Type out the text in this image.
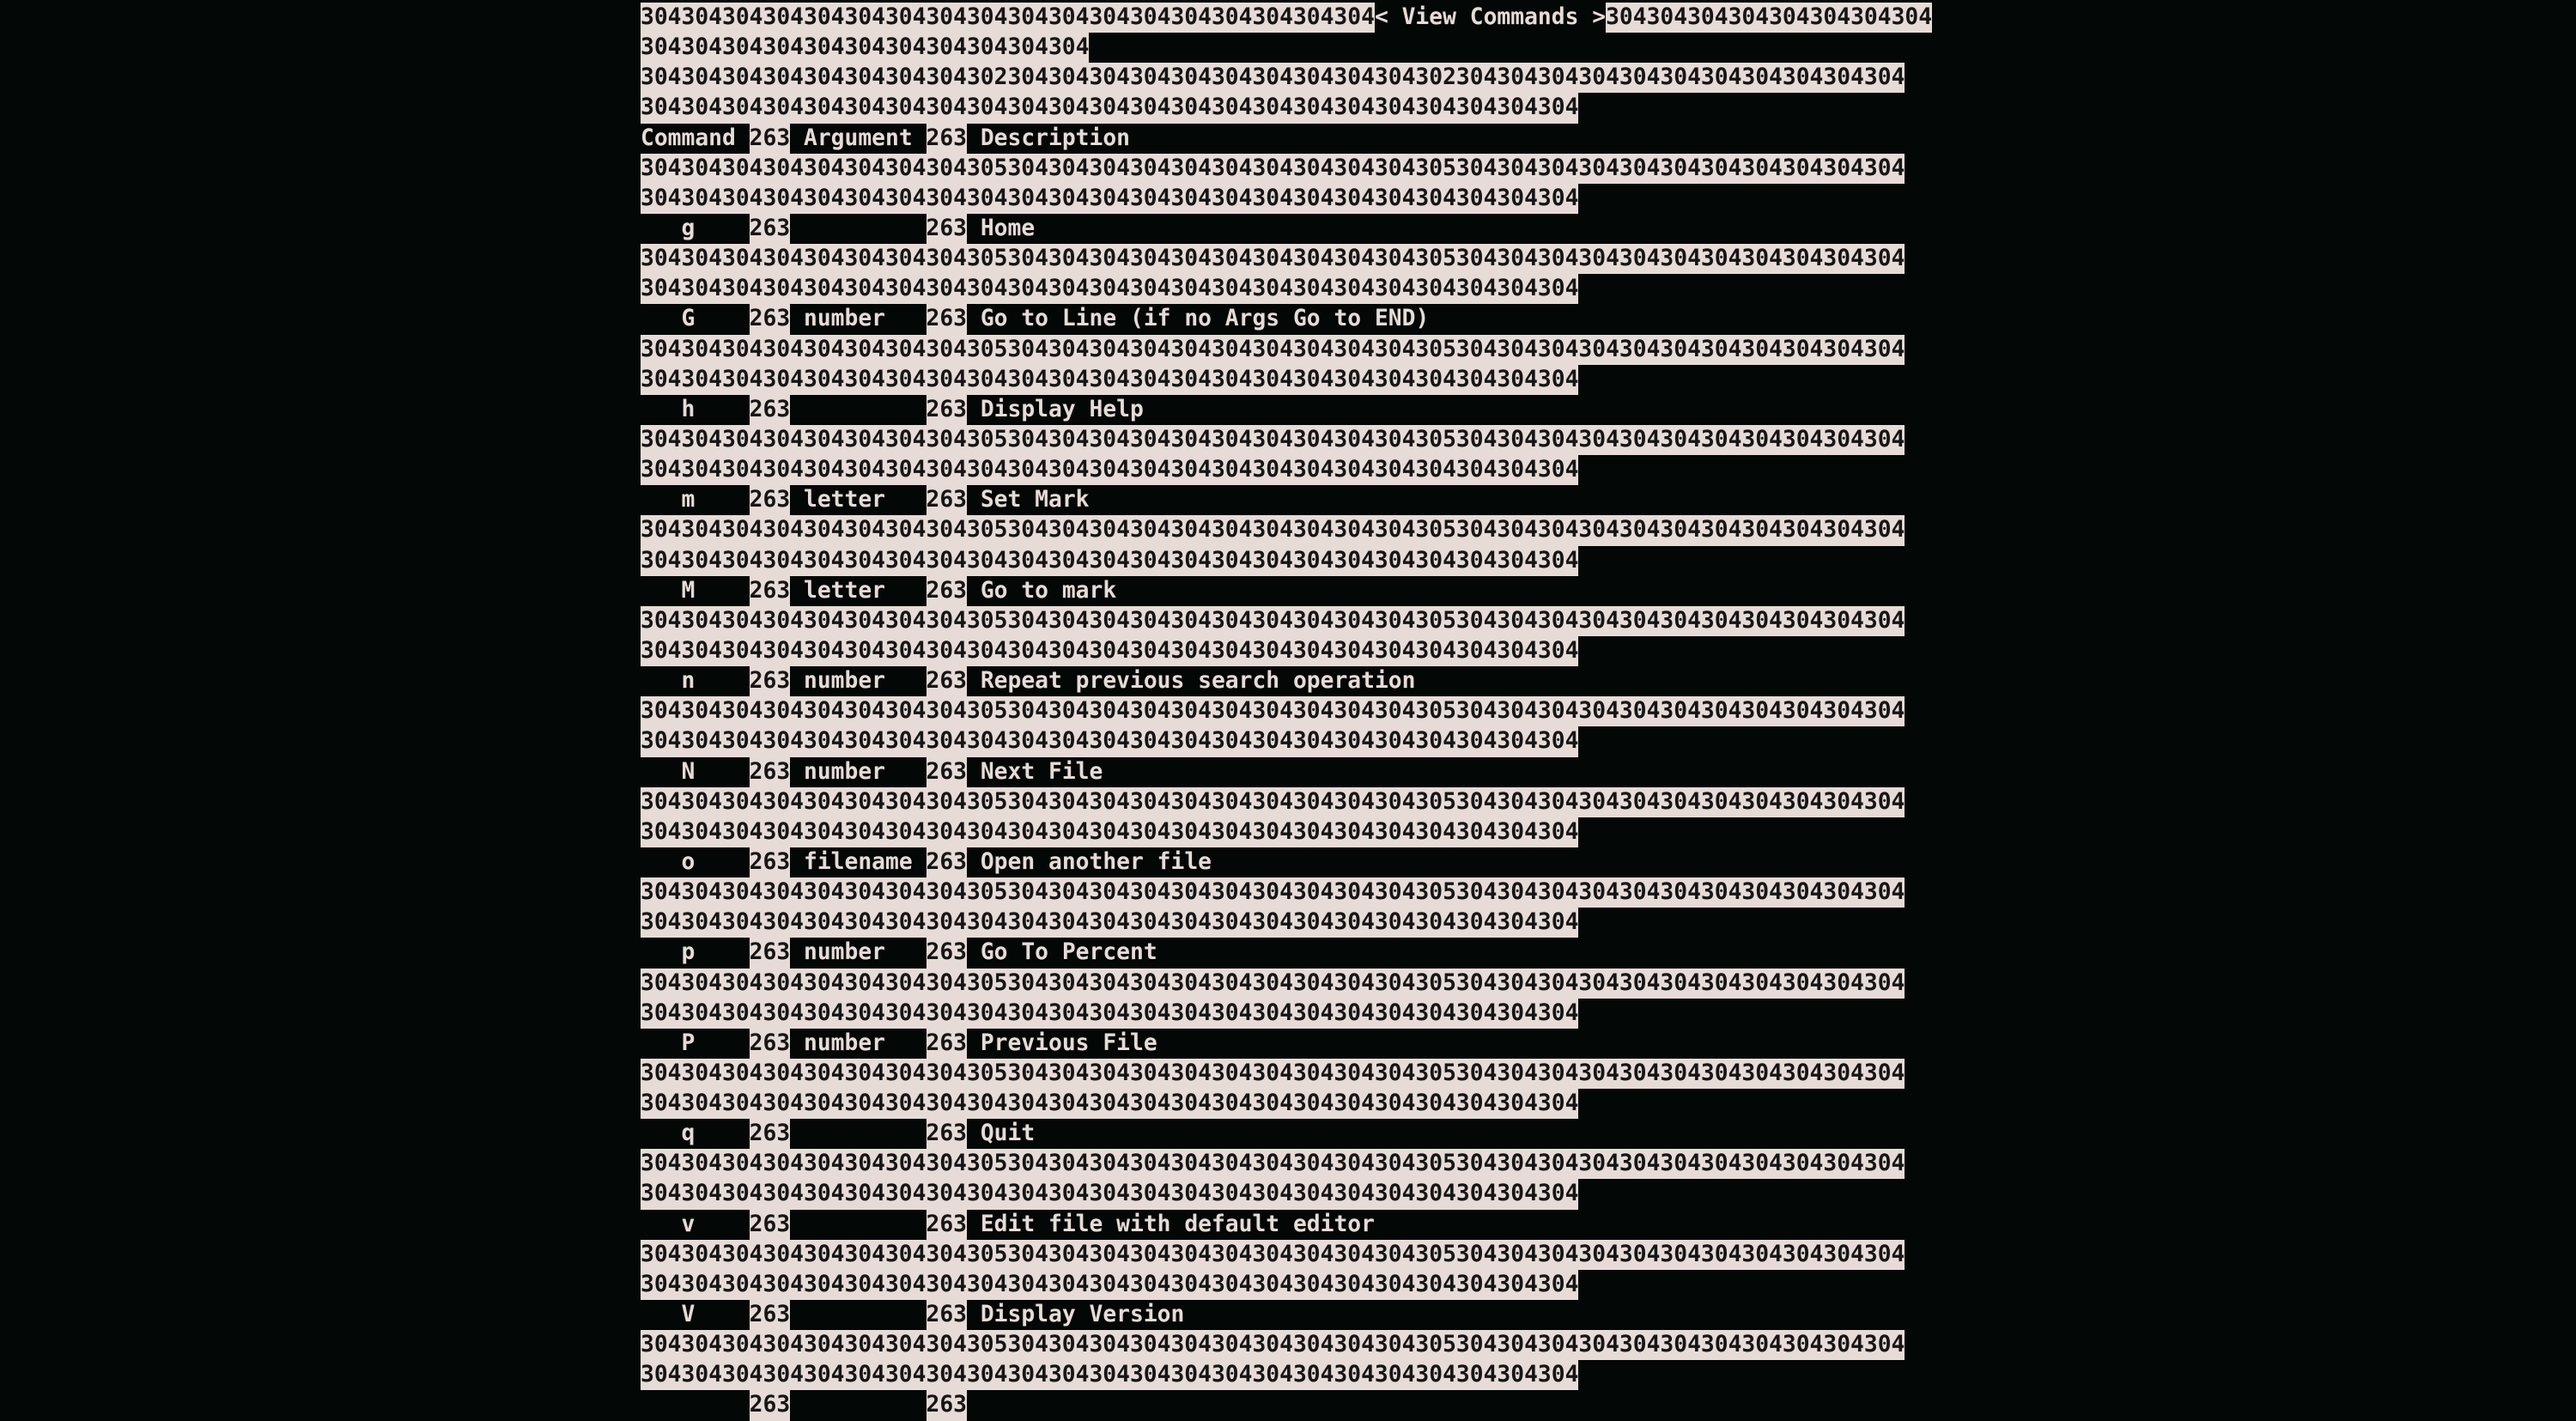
304304304304304304304304304304304304304304304304304304< View Commands >304304304304304304304304
304304304304304304304304304304304
304304304304304304304304302304304304304304304304304304304302304304304304304304304304304304304
304304304304304304304304304304304304304304304304304304304304304304304
Command 263 Argument 263 Description
304304304304304304304304305304304304304304304304304304304305304304304304304304304304304304304
304304304304304304304304304304304304304304304304304304304304304304304
g    263	263 Home
304304304304304304304304305304304304304304304304304304304305304304304304304304304304304304304
304304304304304304304304304304304304304304304304304304304304304304304
G    263 number   263 Go to Line (if no Args Go to END)
304304304304304304304304305304304304304304304304304304304305304304304304304304304304304304304
304304304304304304304304304304304304304304304304304304304304304304304
h    263	263 Display Help
304304304304304304304304305304304304304304304304304304304305304304304304304304304304304304304
304304304304304304304304304304304304304304304304304304304304304304304
m    263 letter   263 Set Mark
304304304304304304304304305304304304304304304304304304304305304304304304304304304304304304304
304304304304304304304304304304304304304304304304304304304304304304304
M    263 letter   263 Go to mark
304304304304304304304304305304304304304304304304304304304305304304304304304304304304304304304
304304304304304304304304304304304304304304304304304304304304304304304
n    263 number   263 Repeat previous search operation
304304304304304304304304305304304304304304304304304304304305304304304304304304304304304304304
304304304304304304304304304304304304304304304304304304304304304304304
N    263 number   263 Next File
304304304304304304304304305304304304304304304304304304304305304304304304304304304304304304304
304304304304304304304304304304304304304304304304304304304304304304304
o    263 filename 263 Open another file
304304304304304304304304305304304304304304304304304304304305304304304304304304304304304304304
304304304304304304304304304304304304304304304304304304304304304304304
p    263 number   263 Go To Percent
304304304304304304304304305304304304304304304304304304304305304304304304304304304304304304304
304304304304304304304304304304304304304304304304304304304304304304304
P    263 number   263 Previous File
304304304304304304304304305304304304304304304304304304304305304304304304304304304304304304304
304304304304304304304304304304304304304304304304304304304304304304304
q    263	263 Quit
304304304304304304304304305304304304304304304304304304304305304304304304304304304304304304304
304304304304304304304304304304304304304304304304304304304304304304304
v    263	263 Edit file with default editor
304304304304304304304304305304304304304304304304304304304305304304304304304304304304304304304
304304304304304304304304304304304304304304304304304304304304304304304
V    263	263 Display Version
304304304304304304304304305304304304304304304304304304304305304304304304304304304304304304304
304304304304304304304304304304304304304304304304304304304304304304304
263	263
